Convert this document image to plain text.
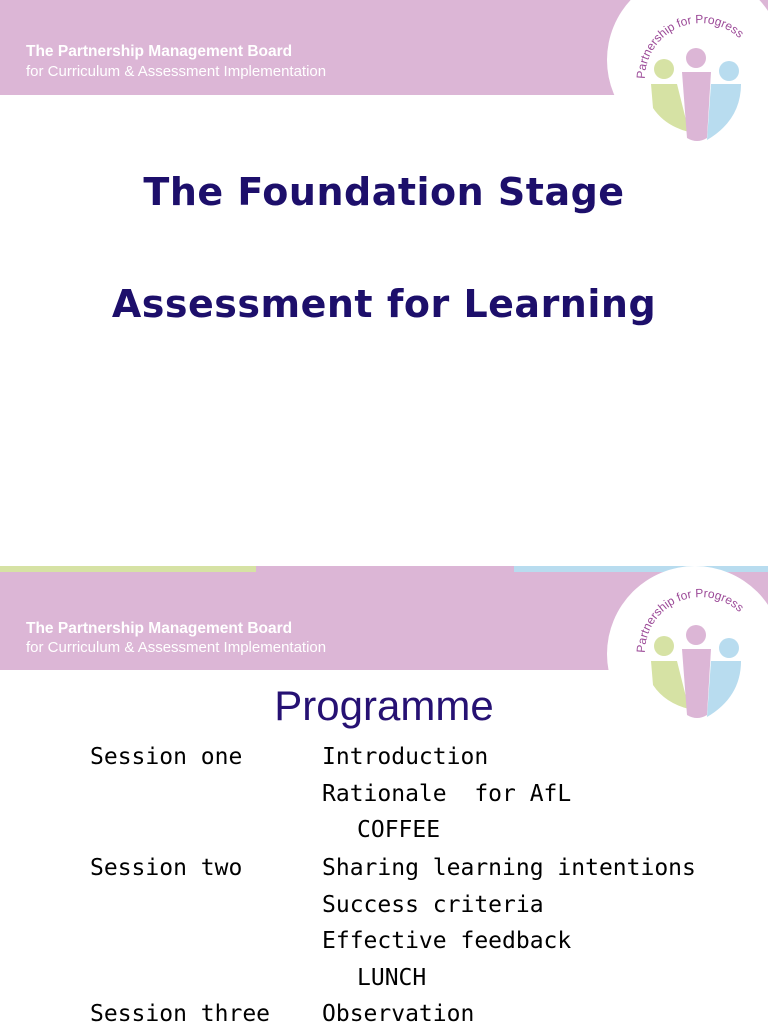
The Partnership Management Board
for Curriculum & Assessment Implementation	Partnership for Progress
The Foundation Stage
Assessment for Learning
The Partnership Management Board
for Curriculum & Assessment Implementation	Partnership for Progress
Programme
Session one	Introduction
Rationale  for AfL
COFFEE
Session two	Sharing learning intentions
Success criteria
Effective feedback
LUNCH
Session three Observation
